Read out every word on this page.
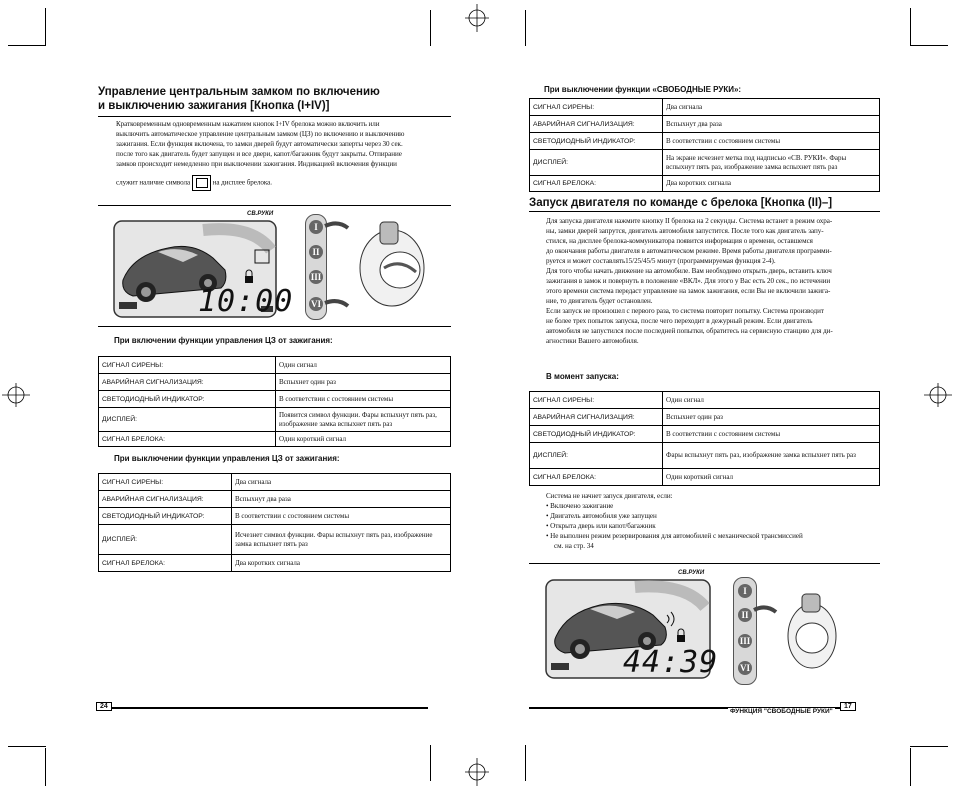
Управление центральным замком по включению
и выключению зажигания [Кнопка (I+IV)]
Кратковременным одновременным нажатием кнопок I+IV брелока можно включить или
выключить автоматическое управление центральным замком (ЦЗ) по включению и выключению
зажигания. Если функция включена, то замки дверей будут автоматически заперты через 30 сек.
после того как двигатель будет запущен и все двери, капот/багажник будут закрыты. Отпирание
замков происходит немедленно при выключении зажигания. Индикацией включения функции
служит наличие символа	на дисплее брелока.
СВ.РУКИ
10:00
I
II
III
VI
При включении функции управления ЦЗ от зажигания:
СИГНАЛ СИРЕНЫ:	Один сигнал
АВАРИЙНАЯ СИГНАЛИЗАЦИЯ:	Вспыхнет один раз
СВЕТОДИОДНЫЙ ИНДИКАТОР:	В соответствии с состоянием системы
ДИСПЛЕЙ:	Появится символ функции. Фары вспыхнут пять раз, изображение замка вспыхнет пять раз
СИГНАЛ БРЕЛОКА:	Один короткий сигнал
При выключении функции управления ЦЗ от зажигания:
СИГНАЛ СИРЕНЫ:	Два сигнала
АВАРИЙНАЯ СИГНАЛИЗАЦИЯ:	Вспыхнут два раза
СВЕТОДИОДНЫЙ ИНДИКАТОР:	В соответствии с состоянием системы
ДИСПЛЕЙ:	Исчезнет символ функции. Фары вспыхнут пять раз, изображение замка вспыхнет пять раз
СИГНАЛ БРЕЛОКА:	Два коротких сигнала
24
При выключении функции «СВОБОДНЫЕ РУКИ»:
СИГНАЛ СИРЕНЫ:	Два сигнала
АВАРИЙНАЯ СИГНАЛИЗАЦИЯ:	Вспыхнут два раза
СВЕТОДИОДНЫЙ ИНДИКАТОР:	В соответствии с состоянием системы
ДИСПЛЕЙ:	На экране исчезнет метка под надписью «СВ. РУКИ». Фары вспыхнут пять раз, изображение замка вспыхнет пять раз
СИГНАЛ БРЕЛОКА:	Два коротких сигнала
Запуск двигателя по команде с брелока [Кнопка (II)–]
Для запуска двигателя нажмите кнопку II брелока на 2 секунды. Система встанет в режим охра-
ны, замки дверей запрутся, двигатель автомобиля запустится. После того как двигатель запу-
стился, на дисплее брелока-коммуникатора появится информация о времени, оставшемся
до окончания работы двигателя в автоматическом режиме. Время работы двигателя программи-
руется и может составлять15/25/45/5 минут (программируемая функция 2-4).
Для того чтобы начать движение на автомобиле. Вам необходимо открыть дверь, вставить ключ
зажигания в замок и повернуть в положение «ВКЛ». Для этого у Вас есть 20 сек., по истечении
этого времени система передаст управление на замок зажигания, если Вы не включили зажига-
ние, то двигатель будет остановлен.
Если запуск не произошел с первого раза, то система повторит попытку. Система производит
не более трех попыток запуска, после чего переходит в дежурный режим. Если двигатель
автомобиля не запустился после последней попытки, обратитесь на сервисную станцию для ди-
агностики Вашего автомобиля.
В момент запуска:
СИГНАЛ СИРЕНЫ:	Один сигнал
АВАРИЙНАЯ СИГНАЛИЗАЦИЯ:	Вспыхнет один раз
СВЕТОДИОДНЫЙ ИНДИКАТОР:	В соответствии с состоянием системы
ДИСПЛЕЙ:	Фары вспыхнут пять раз, изображение замка вспыхнет пять раз
СИГНАЛ БРЕЛОКА:	Один короткий сигнал
Система не начнет запуск двигателя, если:
• Включено зажигание
• Двигатель автомобиля уже запущен
• Открыта дверь или капот/багажник
• Не выполнен режим резервирования для автомобилей с механической трансмиссией
см. на стр. 34
СВ.РУКИ
44:39
I
II
III
VI
ФУНКЦИЯ "СВОБОДНЫЕ РУКИ"
17
